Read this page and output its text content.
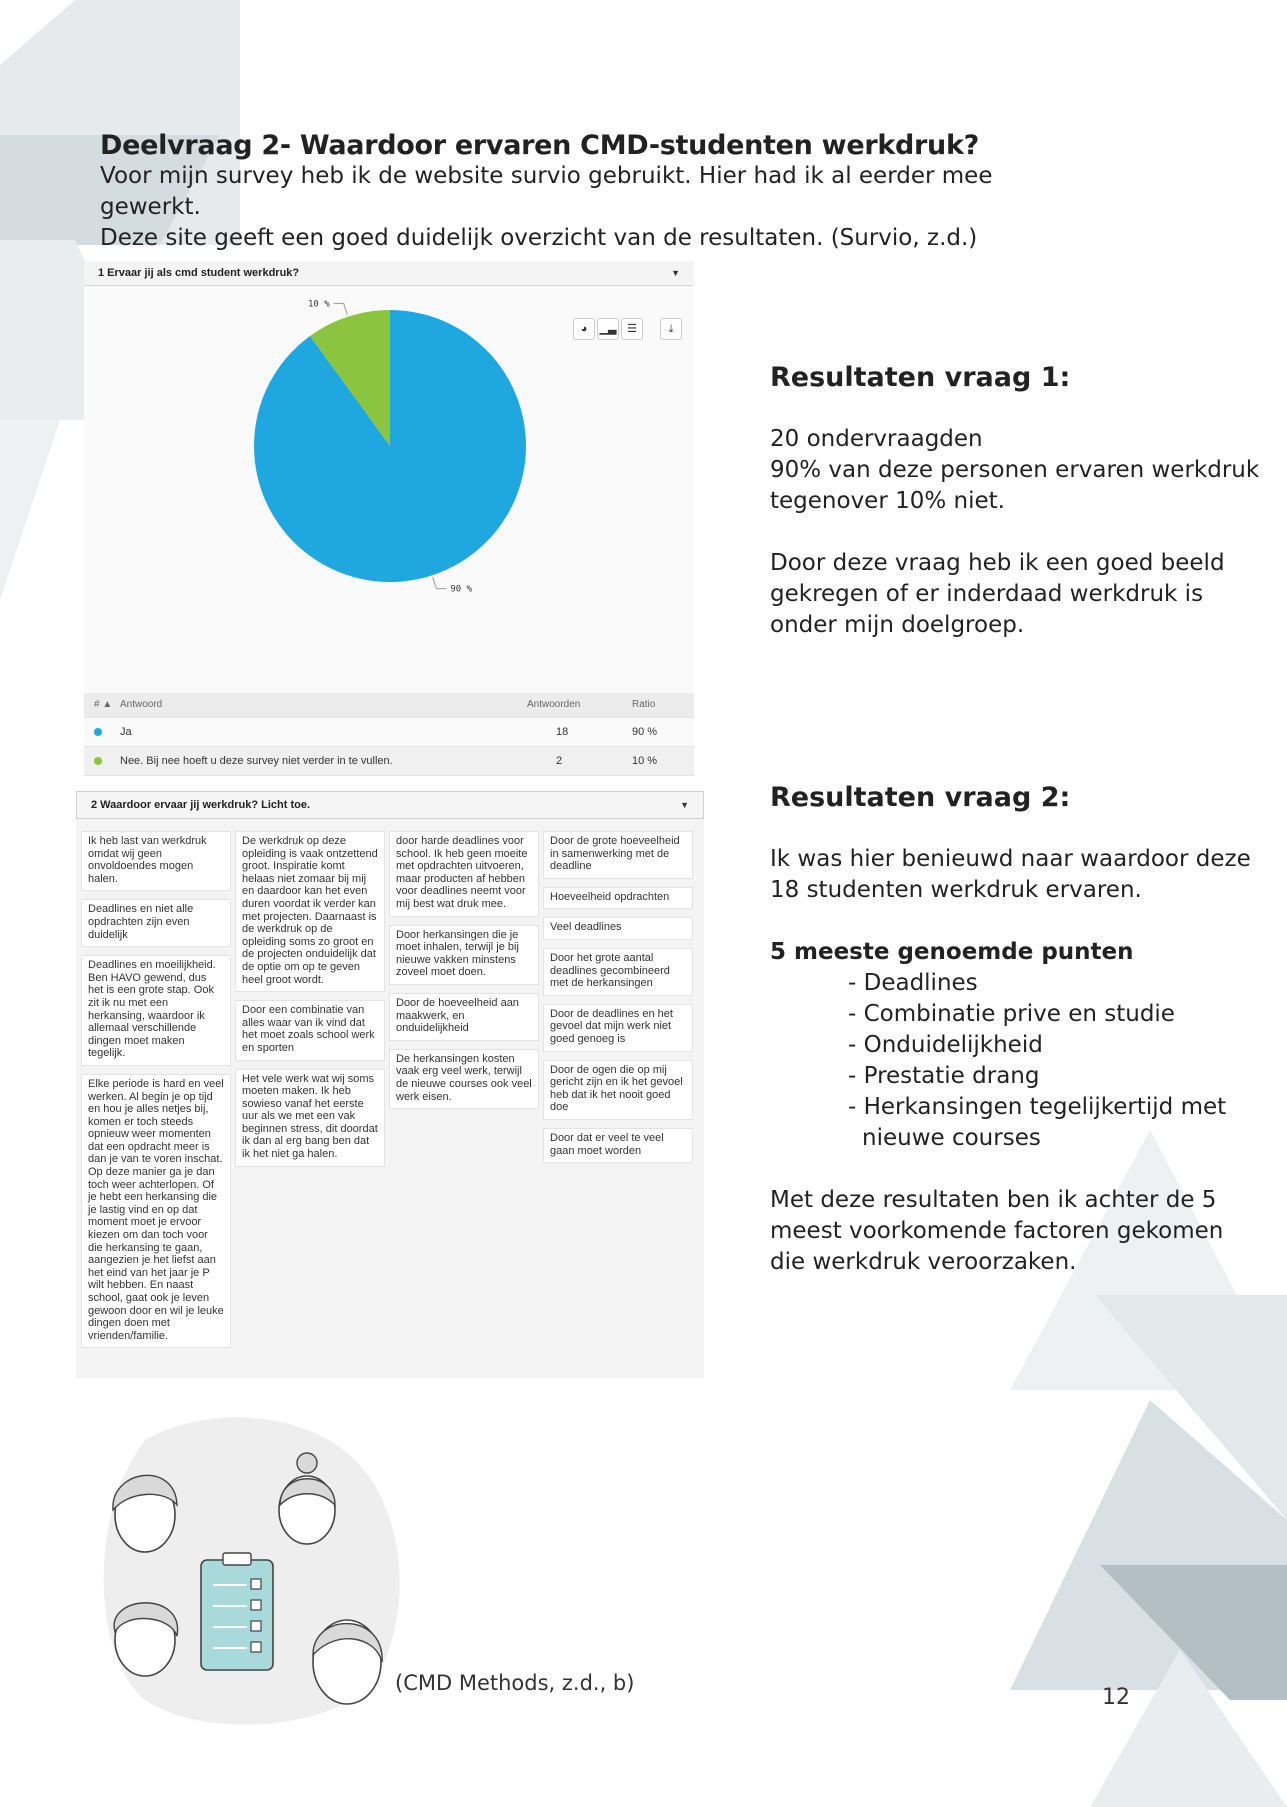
Deelvraag 2- Waardoor ervaren CMD-studenten werkdruk?

Voor mijn survey heb ik de website survio gebruikt. Hier had ik al eerder mee gewerkt.

Deze site geeft een goed duidelijk overzicht van de resultaten. (Survio, z.d.)

1 Ervaar jij als cmd student werkdruk?	▼
◕	▁▃ ☰	⤓
90 %
10 %
# ▲ Antwoord	Antwoorden	Ratio
Ja	18	90 %
Nee. Bij nee hoeft u deze survey niet verder in te vullen.	2	10 %
2 Waardoor ervaar jij werkdruk? Licht toe.	▼
Ik heb last van werkdruk omdat wij geen onvoldoendes mogen halen.
Deadlines en niet alle opdrachten zijn even duidelijk
Deadlines en moeilijkheid. Ben HAVO gewend, dus het is een grote stap. Ook zit ik nu met een herkansing, waardoor ik allemaal verschillende dingen moet maken tegelijk.
Elke periode is hard en veel werken. Al begin je op tijd en hou je alles netjes bij, komen er toch steeds opnieuw weer momenten dat een opdracht meer is dan je van te voren inschat. Op deze manier ga je dan toch weer achterlopen. Of je hebt een herkansing die je lastig vind en op dat moment moet je ervoor kiezen om dan toch voor die herkansing te gaan, aangezien je het liefst aan het eind van het jaar je P wilt hebben. En naast school, gaat ook je leven gewoon door en wil je leuke dingen doen met vrienden/familie.
De werkdruk op deze opleiding is vaak ontzettend groot. Inspiratie komt helaas niet zomaar bij mij en daardoor kan het even duren voordat ik verder kan met projecten. Daarnaast is de werkdruk op de opleiding soms zo groot en de projecten onduidelijk dat de optie om op te geven heel groot wordt.
Door een combinatie van alles waar van ik vind dat het moet zoals school werk en sporten
Het vele werk wat wij soms moeten maken. Ik heb sowieso vanaf het eerste uur als we met een vak beginnen stress, dit doordat ik dan al erg bang ben dat ik het niet ga halen.
door harde deadlines voor school. Ik heb geen moeite met opdrachten uitvoeren, maar producten af hebben voor deadlines neemt voor mij best wat druk mee.
Door herkansingen die je moet inhalen, terwijl je bij nieuwe vakken minstens zoveel moet doen.
Door de hoeveelheid aan maakwerk, en onduidelijkheid
De herkansingen kosten vaak erg veel werk, terwijl de nieuwe courses ook veel werk eisen.
Door de grote hoeveelheid in samenwerking met de deadline
Hoeveelheid opdrachten
Veel deadlines
Door het grote aantal deadlines gecombineerd met de herkansingen
Door de deadlines en het gevoel dat mijn werk niet goed genoeg is
Door de ogen die op mij gericht zijn en ik het gevoel heb dat ik het nooit goed doe
Door dat er veel te veel gaan moet worden
Resultaten vraag 1:

20 ondervraagden

90% van deze personen ervaren werkdruk

tegenover 10% niet.

Door deze vraag heb ik een goed beeld

gekregen of er inderdaad werkdruk is

onder mijn doelgroep.

Resultaten vraag 2:

Ik was hier benieuwd naar waardoor deze

18 studenten werkdruk ervaren.

5 meeste genoemde punten

- Deadlines
- Combinatie prive en studie
- Onduidelijkheid
- Prestatie drang
- Herkansingen tegelijkertijd met nieuwe courses

Met deze resultaten ben ik achter de 5

meest voorkomende factoren gekomen

die werkdruk veroorzaken.

(CMD Methods, z.d., b)
12
